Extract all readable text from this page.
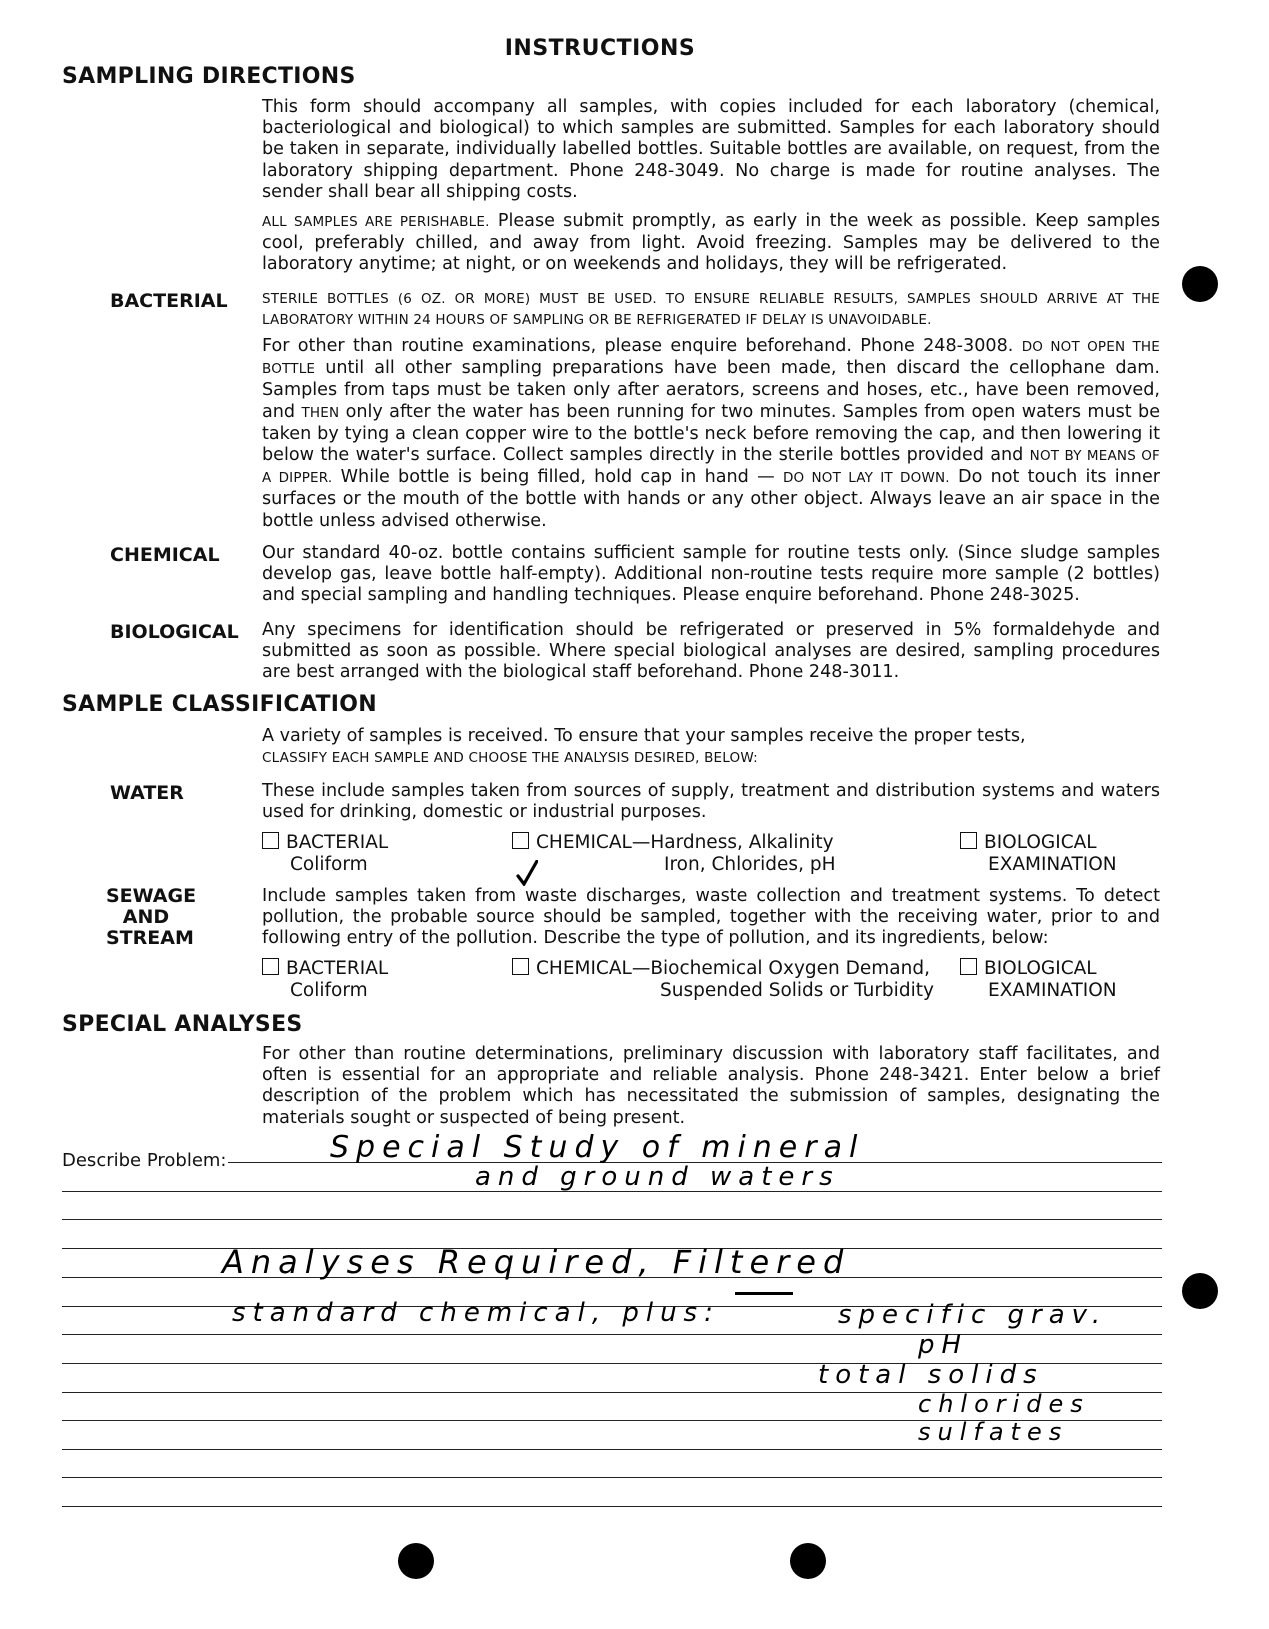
INSTRUCTIONS
SAMPLING DIRECTIONS
This form should accompany all samples, with copies included for each laboratory (chemical, bacteriological and biological) to which samples are submitted. Samples for each laboratory should be taken in separate, individually labelled bottles. Suitable bottles are available, on request, from the laboratory shipping department. Phone 248-3049. No charge is made for routine analyses. The sender shall bear all shipping costs.
ALL SAMPLES ARE PERISHABLE. Please submit promptly, as early in the week as possible. Keep samples cool, preferably chilled, and away from light. Avoid freezing. Samples may be delivered to the laboratory anytime; at night, or on weekends and holidays, they will be refrigerated.
BACTERIAL	STERILE BOTTLES (6 OZ. OR MORE) MUST BE USED. TO ENSURE RELIABLE RESULTS, SAMPLES SHOULD ARRIVE AT THE LABORATORY WITHIN 24 HOURS OF SAMPLING OR BE REFRIGERATED IF DELAY IS UNAVOIDABLE.
For other than routine examinations, please enquire beforehand. Phone 248-3008. DO NOT OPEN THE BOTTLE until all other sampling preparations have been made, then discard the cellophane dam. Samples from taps must be taken only after aerators, screens and hoses, etc., have been removed, and THEN only after the water has been running for two minutes. Samples from open waters must be taken by tying a clean copper wire to the bottle's neck before removing the cap, and then lowering it below the water's surface. Collect samples directly in the sterile bottles provided and NOT BY MEANS OF A DIPPER. While bottle is being filled, hold cap in hand — DO NOT LAY IT DOWN. Do not touch its inner surfaces or the mouth of the bottle with hands or any other object. Always leave an air space in the bottle unless advised otherwise.
CHEMICAL Our standard 40-oz. bottle contains sufficient sample for routine tests only. (Since sludge samples develop gas, leave bottle half-empty). Additional non-routine tests require more sample (2 bottles) and special sampling and handling techniques. Please enquire beforehand. Phone 248-3025.
BIOLOGICAL Any specimens for identification should be refrigerated or preserved in 5% formaldehyde and submitted as soon as possible. Where special biological analyses are desired, sampling procedures are best arranged with the biological staff beforehand. Phone 248-3011.
SAMPLE CLASSIFICATION
A variety of samples is received. To ensure that your samples receive the proper tests,
CLASSIFY EACH SAMPLE AND CHOOSE THE ANALYSIS DESIRED, BELOW:
WATER	These include samples taken from sources of supply, treatment and distribution systems and waters used for drinking, domestic or industrial purposes.
BACTERIAL
Coliform
CHEMICAL—Hardness, Alkalinity
Iron, Chlorides, pH
BIOLOGICAL
EXAMINATION
SEWAGE
AND
STREAM
Include samples taken from waste discharges, waste collection and treatment systems. To detect pollution, the probable source should be sampled, together with the receiving water, prior to and following entry of the pollution. Describe the type of pollution, and its ingredients, below:
BACTERIAL
Coliform
CHEMICAL—Biochemical Oxygen Demand,
Suspended Solids or Turbidity
BIOLOGICAL
EXAMINATION
SPECIAL ANALYSES
For other than routine determinations, preliminary discussion with laboratory staff facilitates, and often is essential for an appropriate and reliable analysis. Phone 248-3421. Enter below a brief description of the problem which has necessitated the submission of samples, designating the materials sought or suspected of being present.
Describe Problem:	Special Study of mineral
and ground waters
Analyses Required, Filtered
standard chemical, plus:	specific grav.
pH
total solids
chlorides
sulfates
